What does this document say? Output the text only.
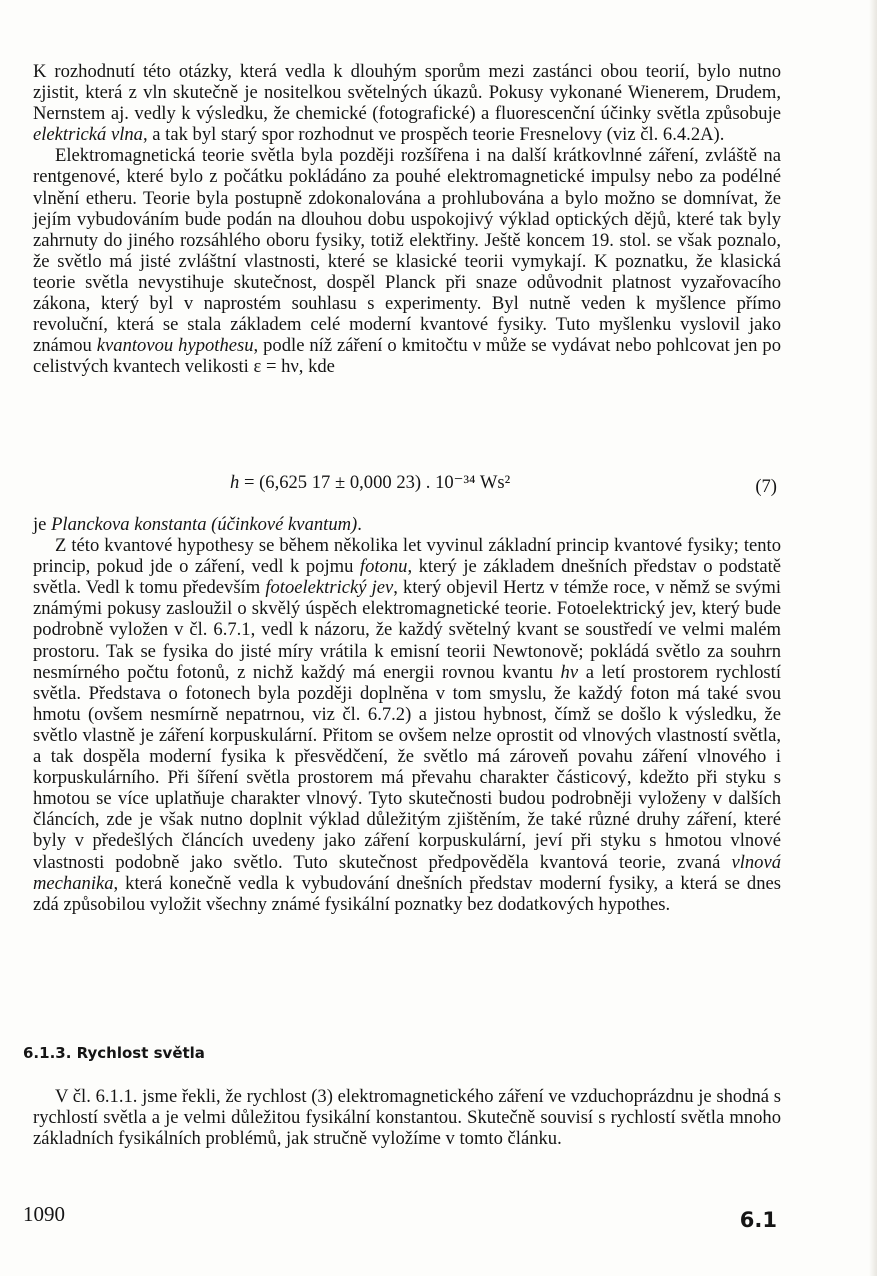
K rozhodnutí této otázky, která vedla k dlouhým sporům mezi zastánci obou teorií, bylo nutno zjistit, která z vln skutečně je nositelkou světelných úkazů. Pokusy vykonané Wienerem, Drudem, Nernstem aj. vedly k výsledku, že chemické (fotografické) a fluorescenční účinky světla způsobuje elektrická vlna, a tak byl starý spor rozhodnut ve prospěch teorie Fresnelovy (viz čl. 6.4.2A).

Elektromagnetická teorie světla byla později rozšířena i na další krátkovlnné záření, zvláště na rentgenové, které bylo z počátku pokládáno za pouhé elektromagnetické impulsy nebo za podélné vlnění etheru. Teorie byla postupně zdokonalována a prohlubována a bylo možno se domnívat, že jejím vybudováním bude podán na dlouhou dobu uspokojivý výklad optických dějů, které tak byly zahrnuty do jiného rozsáhlého oboru fysiky, totiž elektřiny. Ještě koncem 19. stol. se však poznalo, že světlo má jisté zvláštní vlastnosti, které se klasické teorii vymykají. K poznatku, že klasická teorie světla nevystihuje skutečnost, dospěl Planck při snaze odůvodnit platnost vyzařovacího zákona, který byl v naprostém souhlasu s experimenty. Byl nutně veden k myšlence přímo revoluční, která se stala základem celé moderní kvantové fysiky. Tuto myšlenku vyslovil jako známou kvantovou hypothesu, podle níž záření o kmitočtu ν může se vydávat nebo pohlcovat jen po celistvých kvantech velikosti ε = hν, kde

h = (6,625 17 ± 0,000 23) . 10⁻³⁴ Ws²	(7)

je Planckova konstanta (účinkové kvantum).

Z této kvantové hypothesy se během několika let vyvinul základní princip kvantové fysiky; tento princip, pokud jde o záření, vedl k pojmu fotonu, který je základem dnešních představ o podstatě světla. Vedl k tomu především fotoelektrický jev, který objevil Hertz v témže roce, v němž se svými známými pokusy zasloužil o skvělý úspěch elektromagnetické teorie. Fotoelektrický jev, který bude podrobně vyložen v čl. 6.7.1, vedl k názoru, že každý světelný kvant se soustředí ve velmi malém prostoru. Tak se fysika do jisté míry vrátila k emisní teorii Newtonově; pokládá světlo za souhrn nesmírného počtu fotonů, z nichž každý má energii rovnou kvantu hν a letí prostorem rychlostí světla. Představa o fotonech byla později doplněna v tom smyslu, že každý foton má také svou hmotu (ovšem nesmírně nepatrnou, viz čl. 6.7.2) a jistou hybnost, čímž se došlo k výsledku, že světlo vlastně je záření korpuskulární. Přitom se ovšem nelze oprostit od vlnových vlastností světla, a tak dospěla moderní fysika k přesvědčení, že světlo má zároveň povahu záření vlnového i korpuskulárního. Při šíření světla prostorem má převahu charakter částicový, kdežto při styku s hmotou se více uplatňuje charakter vlnový. Tyto skutečnosti budou podrobněji vyloženy v dalších článcích, zde je však nutno doplnit výklad důležitým zjištěním, že také různé druhy záření, které byly v předešlých článcích uvedeny jako záření korpuskulární, jeví při styku s hmotou vlnové vlastnosti podobně jako světlo. Tuto skutečnost předpověděla kvantová teorie, zvaná vlnová mechanika, která konečně vedla k vybudování dnešních představ moderní fysiky, a která se dnes zdá způsobilou vyložit všechny známé fysikální poznatky bez dodatkových hypothes.

6.1.3. Rychlost světla

V čl. 6.1.1. jsme řekli, že rychlost (3) elektromagnetického záření ve vzduchoprázdnu je shodná s rychlostí světla a je velmi důležitou fysikální konstantou. Skutečně souvisí s rychlostí světla mnoho základních fysikálních problémů, jak stručně vyložíme v tomto článku.

1090	6.1
